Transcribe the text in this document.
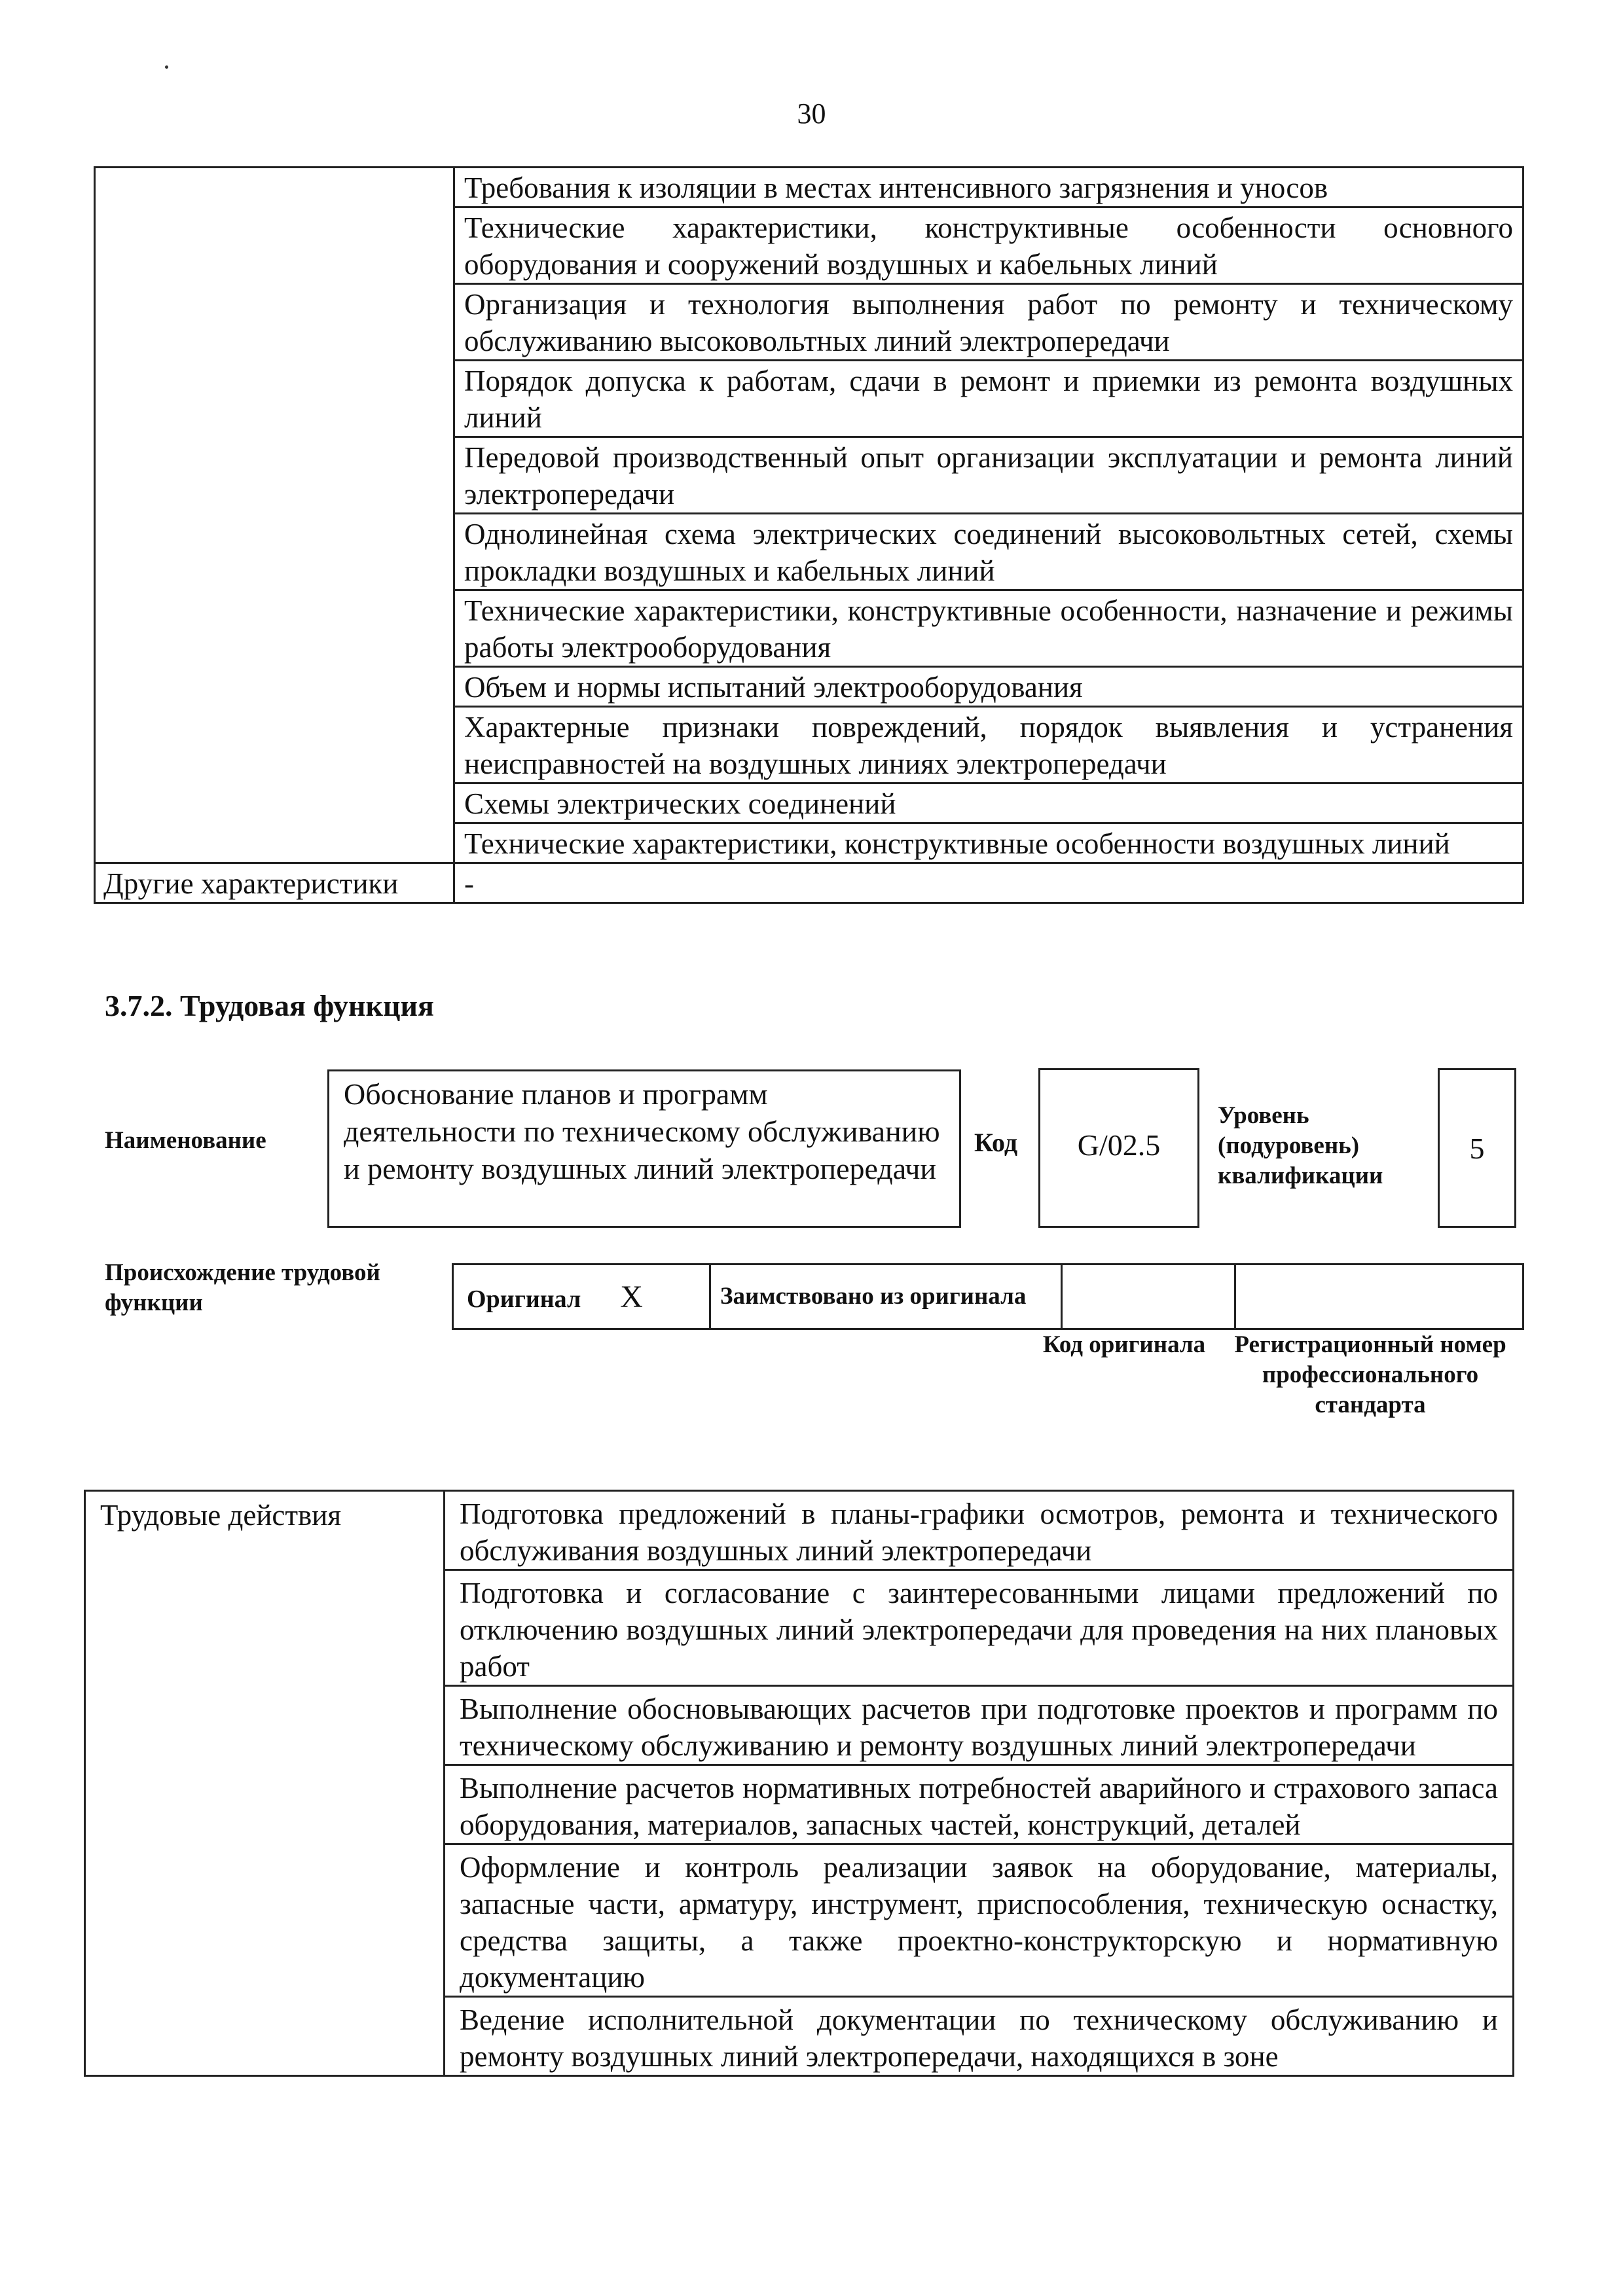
30

	Требования к изоляции в местах интенсивного загрязнения и уносов

	Технические характеристики, конструктивные особенности основного оборудования и сооружений воздушных и кабельных линий

	Организация и технология выполнения работ по ремонту и техническому обслуживанию высоковольтных линий электропередачи

	Порядок допуска к работам, сдачи в ремонт и приемки из ремонта воздушных линий

	Передовой производственный опыт организации эксплуатации и ремонта линий электропередачи

	Однолинейная схема электрических соединений высоковольтных сетей, схемы прокладки воздушных и кабельных линий

	Технические характеристики, конструктивные особенности, назначение и режимы работы электрооборудования

	Объем и нормы испытаний электрооборудования

	Характерные признаки повреждений, порядок выявления и устранения неисправностей на воздушных линиях электропередачи

	Схемы электрических соединений

	Технические характеристики, конструктивные особенности воздушных линий

Другие характеристики	-
3.7.2. Трудовая функция
Наименование
Обоснование планов и программ деятельности по техническому обслуживанию и ремонту воздушных линий электропередачи
Код	G/02.5
Уровень
(подуровень)
квалификации
5
Происхождение трудовой функции	Оригинал X	Заимствовано из оригинала		
Код оригинала	Регистрационный номер профессионального стандарта
Трудовые действия	Подготовка предложений в планы-графики осмотров, ремонта и технического обслуживания воздушных линий электропередачи

	Подготовка и согласование с заинтересованными лицами предложений по отключению воздушных линий электропередачи для проведения на них плановых работ

	Выполнение обосновывающих расчетов при подготовке проектов и программ по техническому обслуживанию и ремонту воздушных линий электропередачи

	Выполнение расчетов нормативных потребностей аварийного и страхового запаса оборудования, материалов, запасных частей, конструкций, деталей

	Оформление и контроль реализации заявок на оборудование, материалы, запасные части, арматуру, инструмент, приспособления, техническую оснастку, средства защиты, а также проектно-конструкторскую и нормативную документацию

	Ведение исполнительной документации по техническому обслуживанию и ремонту воздушных линий электропередачи, находящихся в зоне
